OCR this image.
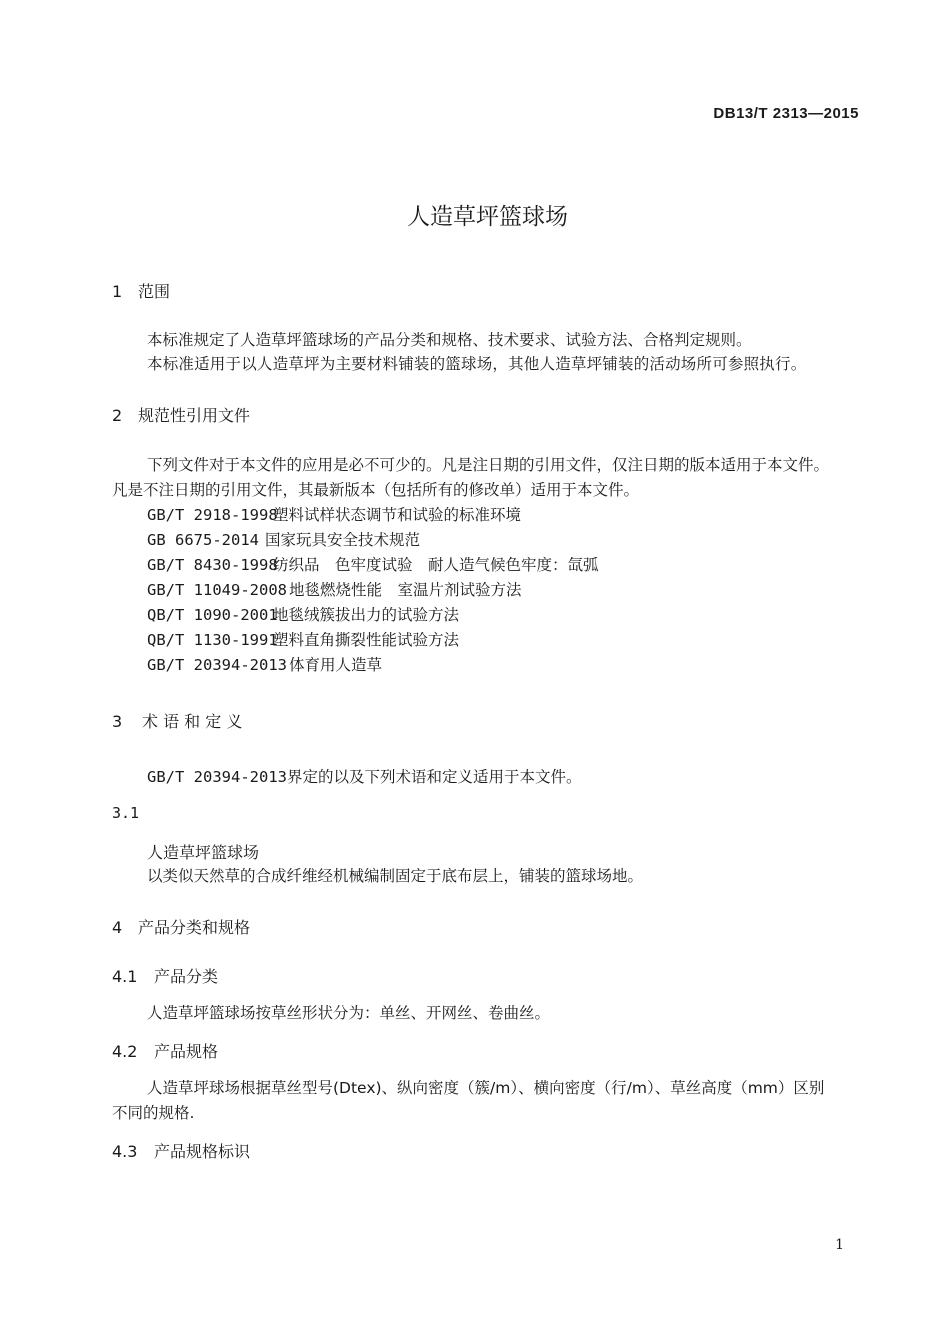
DB13/T 2313—2015
人造草坪篮球场
1 范围
本标准规定了人造草坪篮球场的产品分类和规格、技术要求、试验方法、合格判定规则。
本标准适用于以人造草坪为主要材料铺装的篮球场，其他人造草坪铺装的活动场所可参照执行。
2 规范性引用文件
下列文件对于本文件的应用是必不可少的。凡是注日期的引用文件，仅注日期的版本适用于本文件。
凡是不注日期的引用文件，其最新版本（包括所有的修改单）适用于本文件。
GB/T 2918-1998塑料试样状态调节和试验的标准环境
GB 6675-2014 国家玩具安全技术规范
GB/T 8430-1998纺织品　色牢度试验　耐人造气候色牢度：氙弧
GB/T 11049-2008 地毯燃烧性能　室温片剂试验方法
QB/T 1090-2001地毯绒簇拔出力的试验方法
QB/T 1130-1991塑料直角撕裂性能试验方法
GB/T 20394-2013 体育用人造草
3 术 语 和 定 义
GB/T 20394-2013界定的以及下列术语和定义适用于本文件。
3.1
人造草坪篮球场
以类似天然草的合成纤维经机械编制固定于底布层上，铺装的篮球场地。
4 产品分类和规格
4.1 产品分类
人造草坪篮球场按草丝形状分为：单丝、开网丝、卷曲丝。
4.2 产品规格
人造草坪球场根据草丝型号(Dtex)、纵向密度（簇/m）、横向密度（行/m）、草丝高度（mm）区别
不同的规格.
4.3 产品规格标识
1
